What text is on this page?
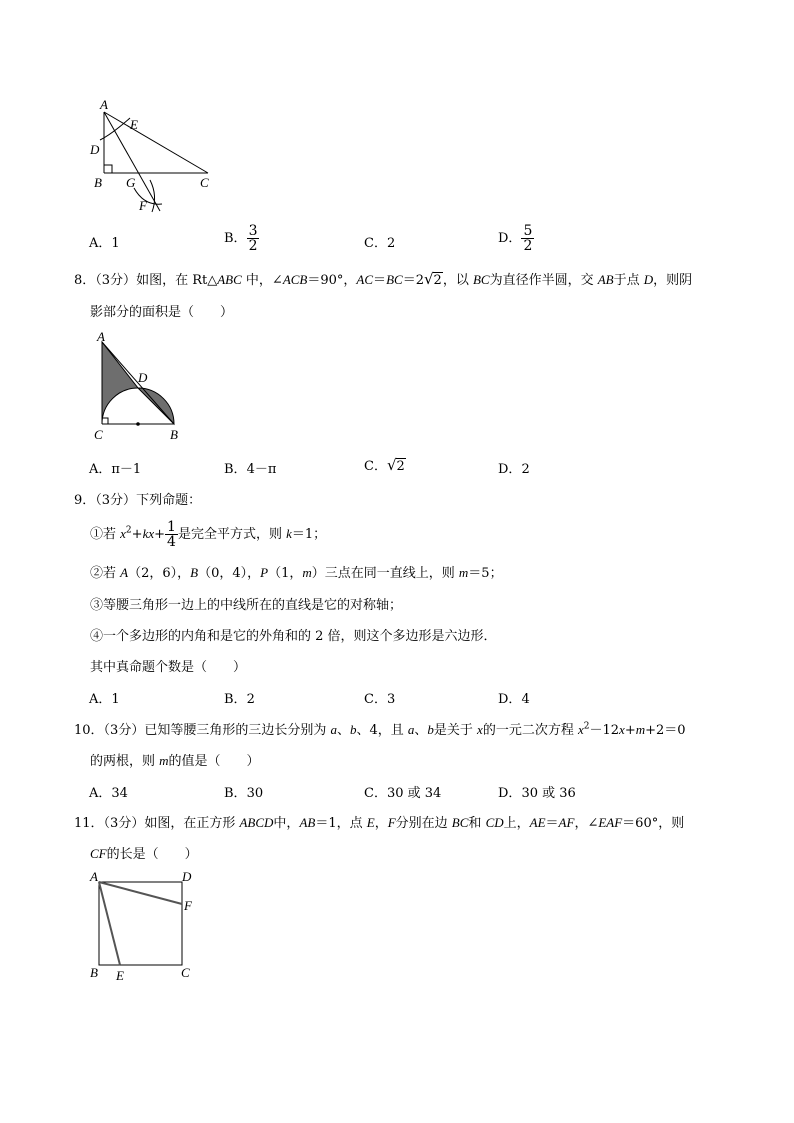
A
E
D
B G	C
F
A．1	B． $\frac{3}{2}$	C．2	D． $\frac{5}{2}$
8．（3分）如图，在 Rt△ABC 中，∠ACB＝90°，AC＝BC＝2√2，以 BC为直径作半圆，交 AB于点 D，则阴
影部分的面积是（　　）
A
D
C	B
A．π－1	B．4－π	C．√2	D．2
9．（3分）下列命题：
①若 $x^2+kx+ \frac{1}{4}$ 是完全平方式，则 k＝1；
②若 A（2，6），B（0，4），P（1，m）三点在同一直线上，则 m＝5；
③等腰三角形一边上的中线所在的直线是它的对称轴；
④一个多边形的内角和是它的外角和的 2 倍，则这个多边形是六边形．
其中真命题个数是（　　）
A．1	B．2	C．3	D．4
10．（3分）已知等腰三角形的三边长分别为 a、b、4，且 a、b是关于 x的一元二次方程 $x^2-12x+m+2=0$
的两根，则 m的值是（　　）
A．34	B．30	C．30 或 34	D．30 或 36
11．（3分）如图，在正方形 ABCD中，AB＝1，点 E，F分别在边 BC和 CD上，AE＝AF，∠EAF＝60°，则
CF的长是（　　）
A	D
F
B E	C
